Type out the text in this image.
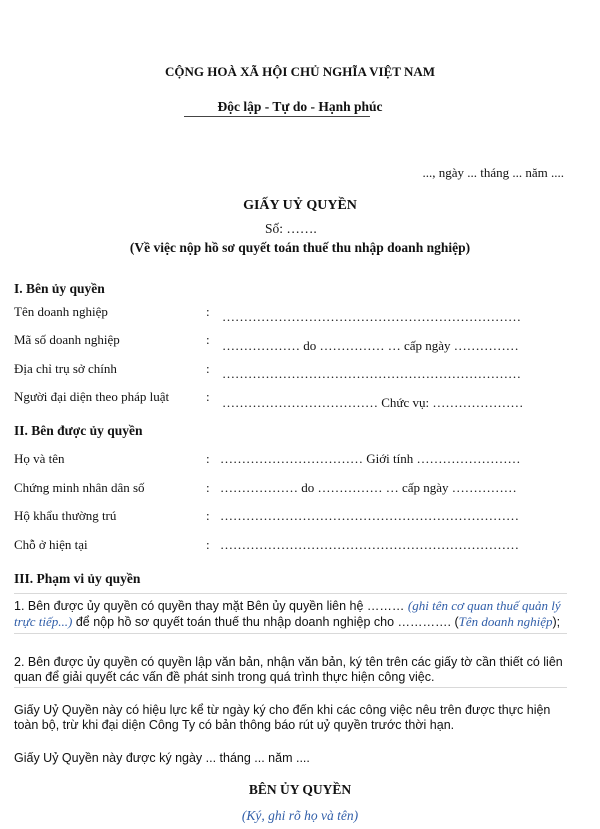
CỘNG HOÀ XÃ HỘI CHỦ NGHĨA VIỆT NAM
Độc lập - Tự do - Hạnh phúc
..., ngày ... tháng ... năm ....
GIẤY UỶ QUYỀN
Số: …….
(Về việc nộp hồ sơ quyết toán thuế thu nhập doanh nghiệp)
I. Bên ủy quyền
Tên doanh nghiệp	: ……………………………………………………………
Mã số doanh nghiệp	: ……………… do …………… … cấp ngày ……………
Địa chỉ trụ sở chính	: ……………………………………………………………
Người đại diện theo pháp luật	: ……………………………… Chức vụ: …………………
II. Bên được ủy quyền
Họ và tên	: …………………………… Giới tính ……………………
Chứng minh nhân dân số	: ……………… do …………… … cấp ngày ……………
Hộ khẩu thường trú	: ……………………………………………………………
Chỗ ở hiện tại	: ……………………………………………………………
III. Phạm vi ủy quyền
1. Bên được ủy quyền có quyền thay mặt Bên ủy quyền liên hệ ……… (ghi tên cơ quan thuế quản lý trực tiếp...) để nộp hồ sơ quyết toán thuế thu nhập doanh nghiệp cho …………. (Tên doanh nghiệp);
2. Bên được ủy quyền có quyền lập văn bản, nhận văn bản, ký tên trên các giấy tờ cần thiết có liên quan để giải quyết các vấn đề phát sinh trong quá trình thực hiện công việc.
Giấy Uỷ Quyền này có hiệu lực kể từ ngày ký cho đến khi các công việc nêu trên được thực hiện toàn bộ, trừ khi đại diện Công Ty có bản thông báo rút uỷ quyền trước thời hạn.
Giấy Uỷ Quyền này được ký ngày ... tháng ... năm ....
BÊN ỦY QUYỀN
(Ký, ghi rõ họ và tên)
